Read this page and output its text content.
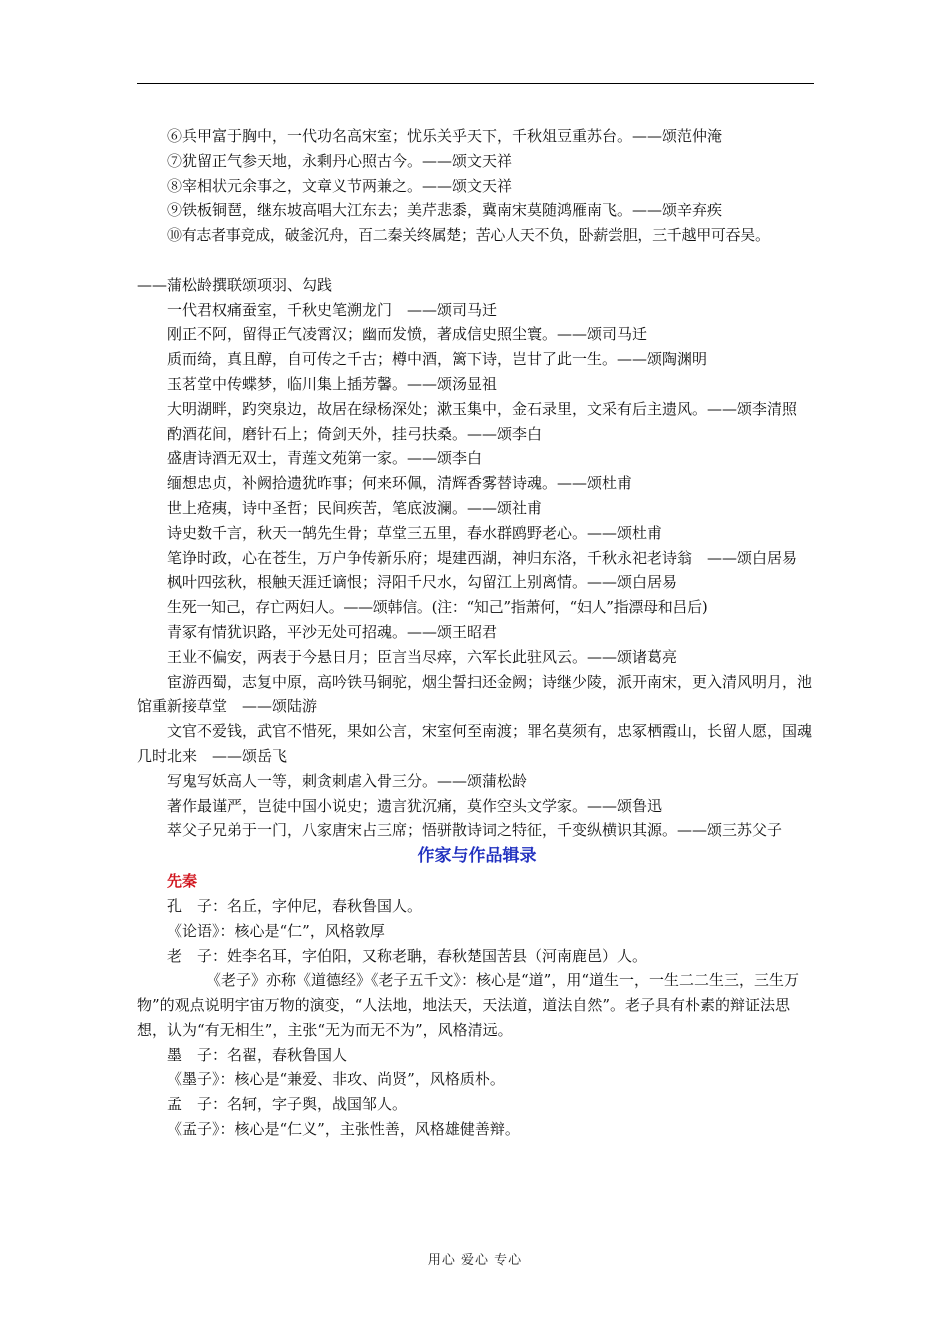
⑥兵甲富于胸中，一代功名高宋室；忧乐关乎天下，千秋俎豆重苏台。——颂范仲淹

⑦犹留正气参天地，永剩丹心照古今。——颂文天祥

⑧宰相状元余事之，文章义节两兼之。——颂文天祥

⑨铁板铜琶，继东坡高唱大江东去；美芹悲黍，冀南宋莫随鸿雁南飞。——颂辛弃疾

⑩有志者事竞成，破釜沉舟，百二秦关终属楚；苦心人天不负，卧薪尝胆，三千越甲可吞吴。

——蒲松龄撰联颂项羽、勾践

一代君权痛蚕室，千秋史笔溯龙门　——颂司马迁

刚正不阿，留得正气凌霄汉；幽而发愤，著成信史照尘寰。——颂司马迁

质而绮，真且醇，自可传之千古；樽中酒，篱下诗，岂甘了此一生。——颂陶渊明

玉茗堂中传蝶梦，临川集上插芳馨。——颂汤显祖

大明湖畔，趵突泉边，故居在绿杨深处；漱玉集中，金石录里，文采有后主遗风。——颂李清照

酌酒花间，磨针石上；倚剑天外，挂弓扶桑。——颂李白

盛唐诗酒无双士，青莲文苑第一家。——颂李白

缅想忠贞，补阙拾遗犹昨事；何来环佩，清辉香雾替诗魂。——颂杜甫

世上疮痍，诗中圣哲；民间疾苦，笔底波澜。——颂社甫

诗史数千言，秋天一鹄先生骨；草堂三五里，春水群鸥野老心。——颂杜甫

笔诤时政，心在苍生，万户争传新乐府；堤建西湖，神归东洛，千秋永祀老诗翁　——颂白居易

枫叶四弦秋，根触天涯迁谪恨；浔阳千尺水，勾留江上别离情。——颂白居易

生死一知己，存亡两妇人。——颂韩信。(注：“知己”指萧何，“妇人”指漂母和吕后)

青冢有情犹识路，平沙无处可招魂。——颂王昭君

王业不偏安，两表于今悬日月；臣言当尽瘁，六军长此驻风云。——颂诸葛亮

宦游西蜀，志复中原，高吟铁马铜驼，烟尘誓扫还金阙；诗继少陵，派开南宋，更入清风明月，池馆重新接草堂　——颂陆游

文官不爱钱，武官不惜死，果如公言，宋室何至南渡；罪名莫须有，忠冢栖霞山，长留人愿，国魂几时北来　——颂岳飞

写鬼写妖高人一等，刺贪刺虐入骨三分。——颂蒲松龄

著作最谨严，岂徒中国小说史；遗言犹沉痛，莫作空头文学家。——颂鲁迅

萃父子兄弟于一门，八家唐宋占三席；悟骈散诗词之特征，千变纵横识其源。——颂三苏父子

作家与作品辑录

先秦

孔　子：名丘，字仲尼，春秋鲁国人。

《论语》：核心是“仁”，风格敦厚

老　子：姓李名耳，字伯阳，又称老聃，春秋楚国苦县（河南鹿邑）人。

《老子》亦称《道德经》《老子五千文》：核心是“道”，用“道生一，一生二二生三，三生万物”的观点说明宇宙万物的演变，“人法地，地法天，天法道，道法自然”。老子具有朴素的辩证法思想，认为“有无相生”，主张“无为而无不为”，风格清远。

墨　子：名翟，春秋鲁国人

《墨子》：核心是“兼爱、非攻、尚贤”，风格质朴。

孟　子：名轲，字子舆，战国邹人。

《孟子》：核心是“仁义”，主张性善，风格雄健善辩。

用心 爱心 专心
